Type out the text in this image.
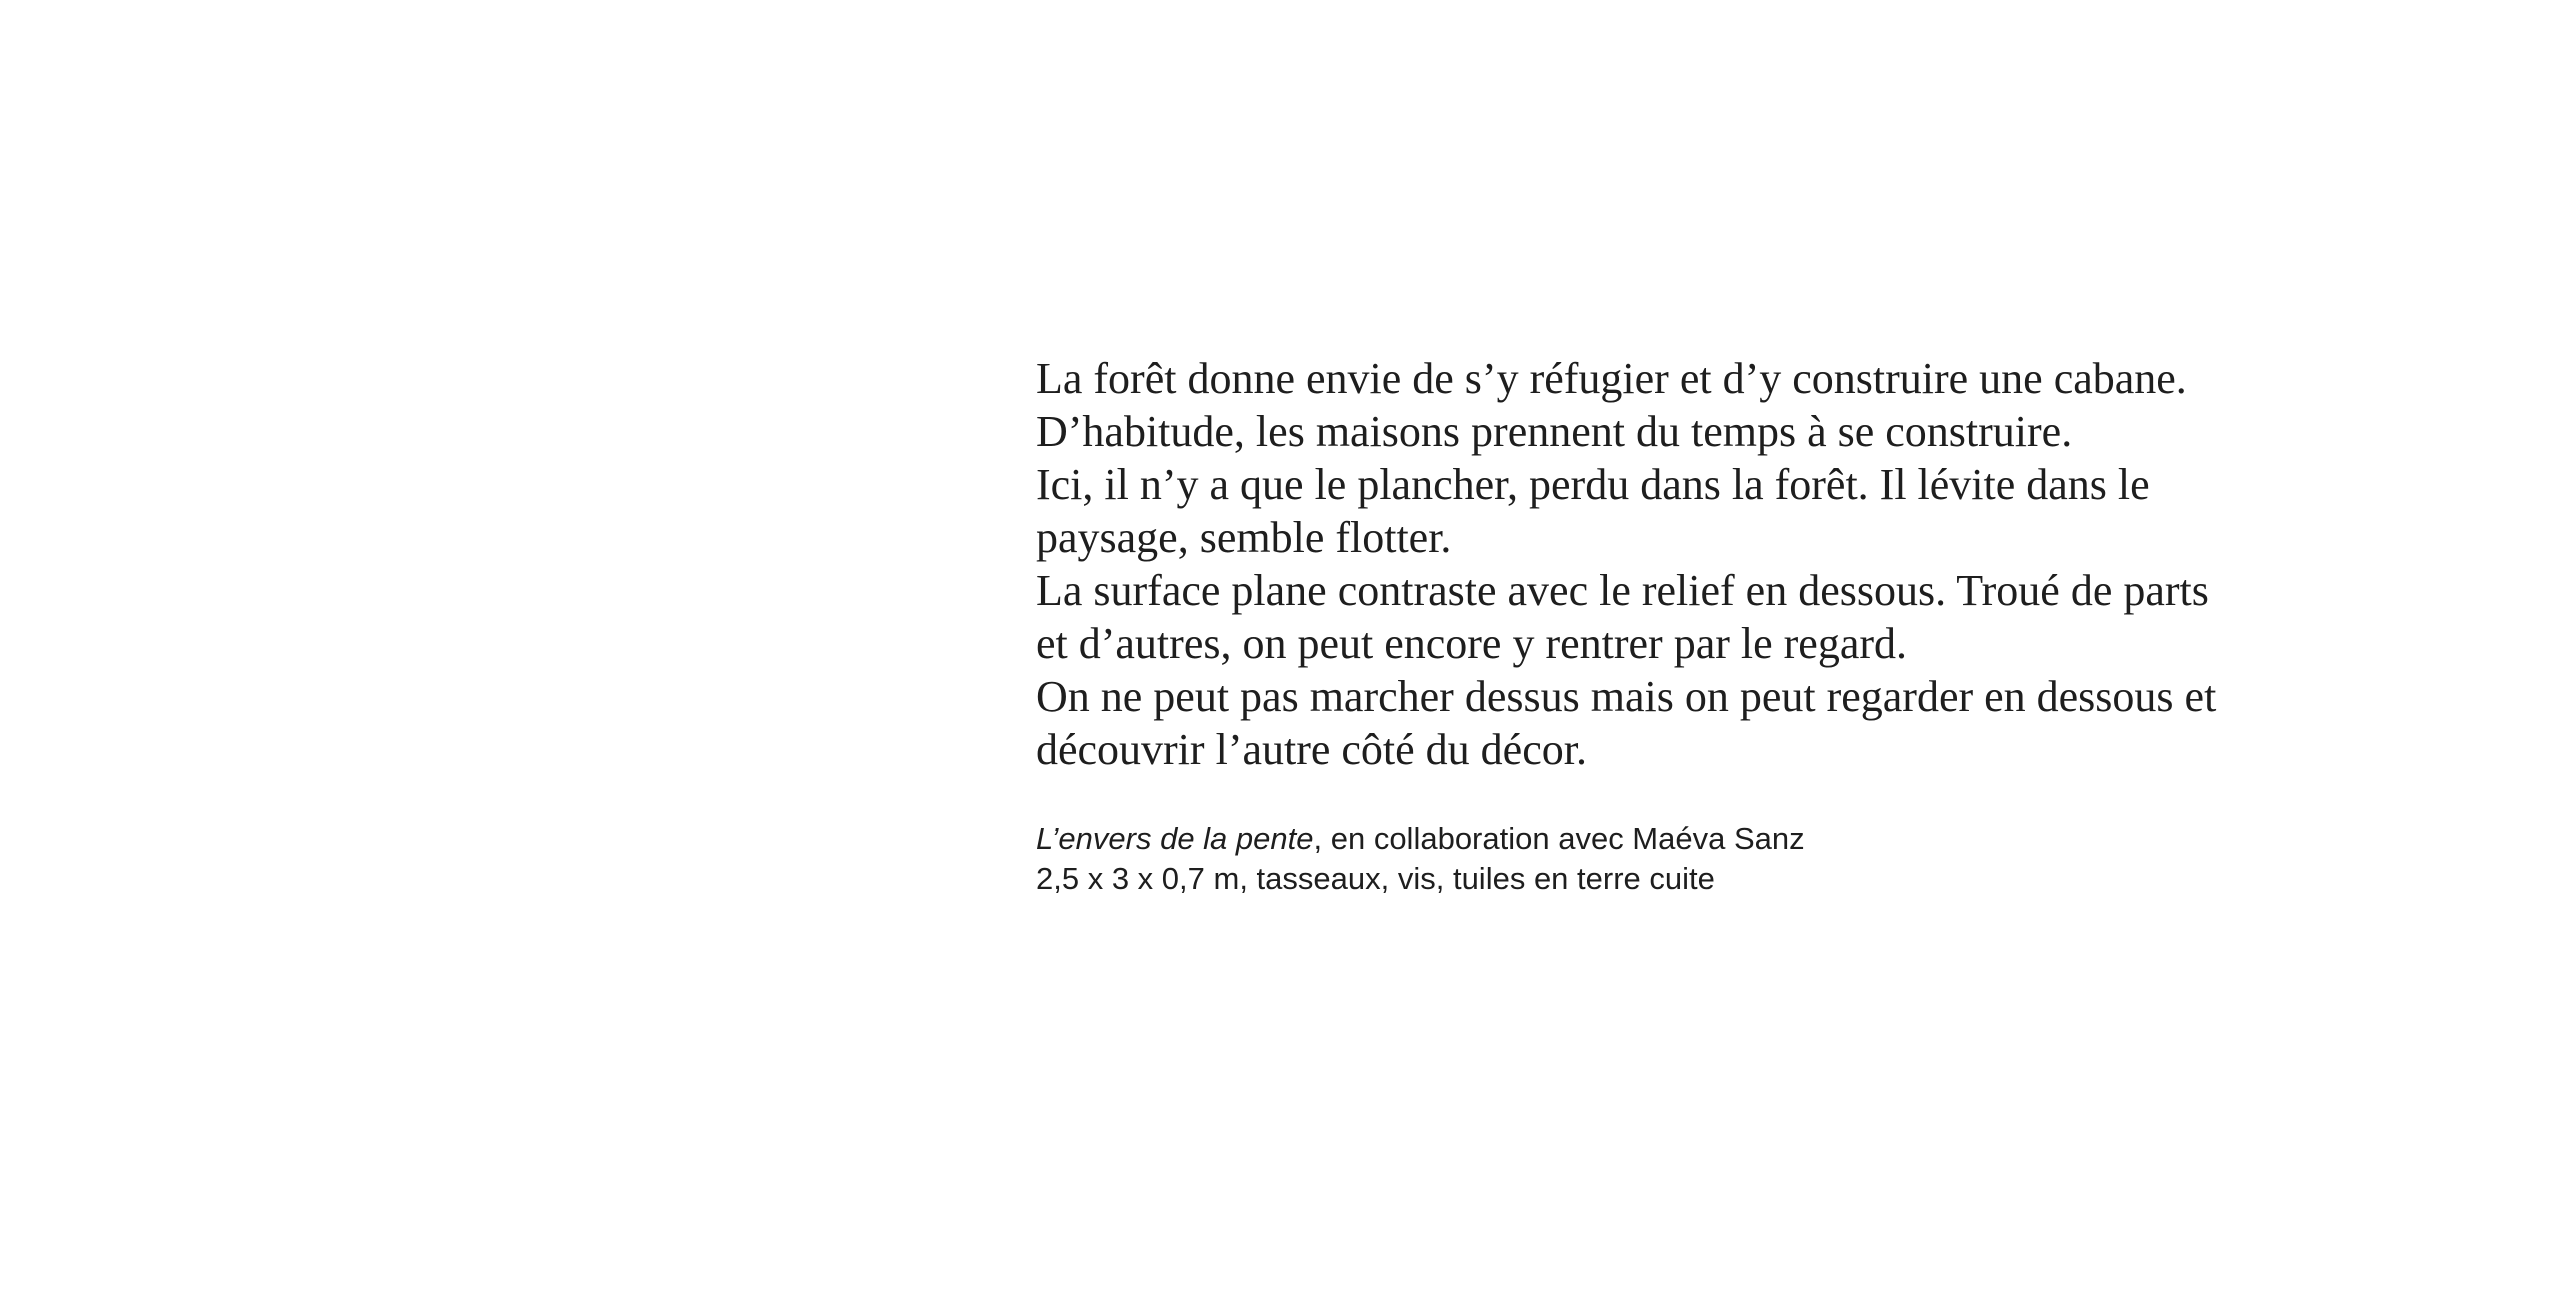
La forêt donne envie de s’y réfugier et d’y construire une cabane.
D’habitude, les maisons prennent du temps à se construire.
Ici, il n’y a que le plancher, perdu dans la forêt. Il lévite dans le
paysage, semble flotter.
La surface plane contraste avec le relief en dessous. Troué de parts
et d’autres, on peut encore y rentrer par le regard.
On ne peut pas marcher dessus mais on peut regarder en dessous et
découvrir l’autre côté du décor.

L’envers de la pente, en collaboration avec Maéva Sanz
2,5 x 3 x 0,7 m, tasseaux, vis, tuiles en terre cuite
